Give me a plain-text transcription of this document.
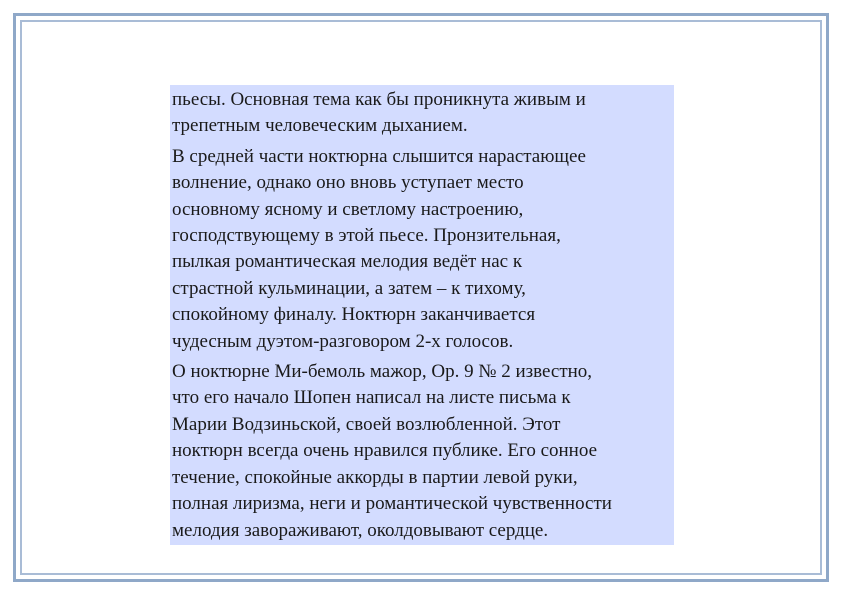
пьесы. Основная тема как бы проникнута живым и
трепетным человеческим дыханием.

В средней части ноктюрна слышится нарастающее
волнение, однако оно вновь уступает место
основному ясному и светлому настроению,
господствующему в этой пьесе. Пронзительная,
пылкая романтическая мелодия ведёт нас к
страстной кульминации, а затем – к тихому,
спокойному финалу. Ноктюрн заканчивается
чудесным дуэтом-разговором 2-х голосов.

О ноктюрне Ми-бемоль мажор, Op. 9 № 2 известно,
что его начало Шопен написал на листе письма к
Марии Водзиньской, своей возлюбленной. Этот
ноктюрн всегда очень нравился публике. Его сонное
течение, спокойные аккорды в партии левой руки,
полная лиризма, неги и романтической чувственности
мелодия завораживают, околдовывают сердце.
